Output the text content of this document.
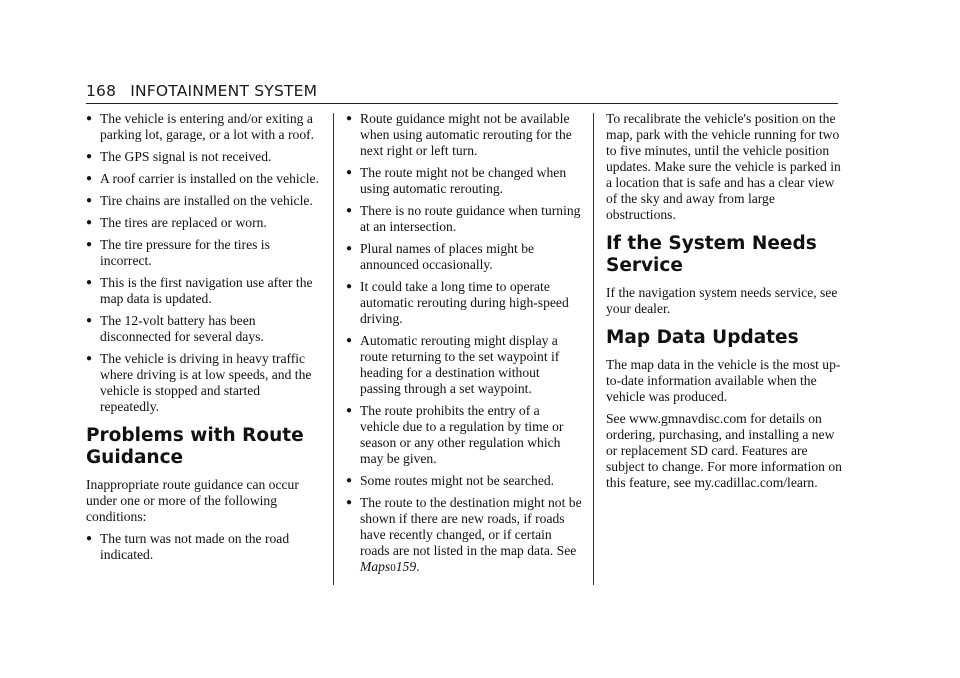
168 INFOTAINMENT SYSTEM
● The vehicle is entering and/or exiting a parking lot, garage, or a lot with a roof.
● The GPS signal is not received.
● A roof carrier is installed on the vehicle.
● Tire chains are installed on the vehicle.
● The tires are replaced or worn.
● The tire pressure for the tires is incorrect.
● This is the first navigation use after the map data is updated.
● The 12-volt battery has been disconnected for several days.
● The vehicle is driving in heavy traffic where driving is at low speeds, and the vehicle is stopped and started repeatedly.
Problems with Route Guidance

Inappropriate route guidance can occur under one or more of the following conditions:

● The turn was not made on the road indicated.
● Route guidance might not be available when using automatic rerouting for the next right or left turn.
● The route might not be changed when using automatic rerouting.
● There is no route guidance when turning at an intersection.
● Plural names of places might be announced occasionally.
● It could take a long time to operate automatic rerouting during high-speed driving.
● Automatic rerouting might display a route returning to the set waypoint if heading for a destination without passing through a set waypoint.
● The route prohibits the entry of a vehicle due to a regulation by time or season or any other regulation which may be given.
● Some routes might not be searched.
● The route to the destination might not be shown if there are new roads, if roads have recently changed, or if certain roads are not listed in the map data. See Maps0159.

To recalibrate the vehicle's position on the map, park with the vehicle running for two to five minutes, until the vehicle position updates. Make sure the vehicle is parked in a location that is safe and has a clear view of the sky and away from large obstructions.

If the System Needs Service

If the navigation system needs service, see your dealer.

Map Data Updates

The map data in the vehicle is the most up-to-date information available when the vehicle was produced.

See www.gmnavdisc.com for details on ordering, purchasing, and installing a new or replacement SD card. Features are subject to change. For more information on this feature, see my.cadillac.com/learn.
